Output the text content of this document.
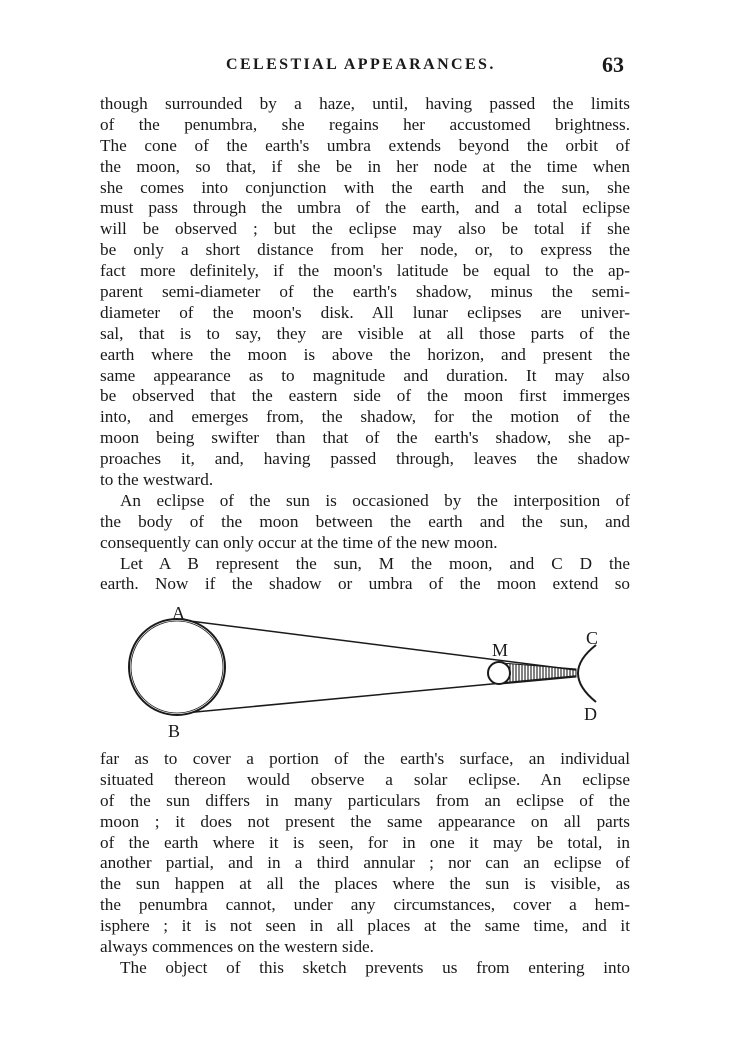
CELESTIAL APPEARANCES.	63
though surrounded by a haze, until, having passed the limits
of the penumbra, she regains her accustomed brightness.
The cone of the earth's umbra extends beyond the orbit of
the moon, so that, if she be in her node at the time when
she comes into conjunction with the earth and the sun, she
must pass through the umbra of the earth, and a total eclipse
will be observed ; but the eclipse may also be total if she
be only a short distance from her node, or, to express the
fact more definitely, if the moon's latitude be equal to the ap-
parent semi-diameter of the earth's shadow, minus the semi-
diameter of the moon's disk. All lunar eclipses are univer-
sal, that is to say, they are visible at all those parts of the
earth where the moon is above the horizon, and present the
same appearance as to magnitude and duration. It may also
be observed that the eastern side of the moon first immerges
into, and emerges from, the shadow, for the motion of the
moon being swifter than that of the earth's shadow, she ap-
proaches it, and, having passed through, leaves the shadow
to the westward.
An eclipse of the sun is occasioned by the interposition of
the body of the moon between the earth and the sun, and
consequently can only occur at the time of the new moon.
Let A B represent the sun, M the moon, and C D the
earth. Now if the shadow or umbra of the moon extend so
A
B
M
C
D
far as to cover a portion of the earth's surface, an individual
situated thereon would observe a solar eclipse. An eclipse
of the sun differs in many particulars from an eclipse of the
moon ; it does not present the same appearance on all parts
of the earth where it is seen, for in one it may be total, in
another partial, and in a third annular ; nor can an eclipse of
the sun happen at all the places where the sun is visible, as
the penumbra cannot, under any circumstances, cover a hem-
isphere ; it is not seen in all places at the same time, and it
always commences on the western side.
The object of this sketch prevents us from entering into
